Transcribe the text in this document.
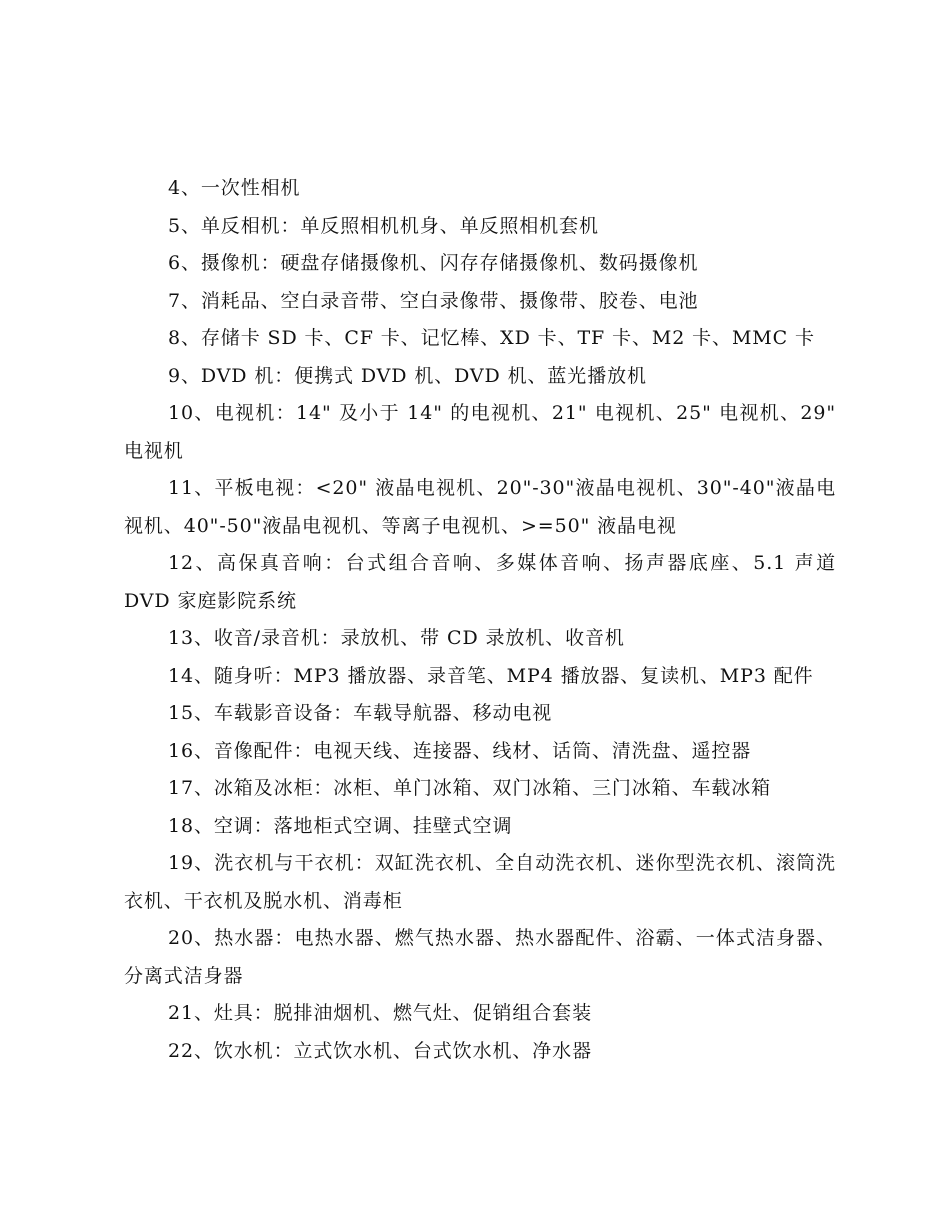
4、一次性相机

5、单反相机：单反照相机机身、单反照相机套机

6、摄像机：硬盘存储摄像机、闪存存储摄像机、数码摄像机

7、消耗品、空白录音带、空白录像带、摄像带、胶卷、电池

8、存储卡 SD 卡、CF 卡、记忆棒、XD 卡、TF 卡、M2 卡、MMC 卡

9、DVD 机：便携式 DVD 机、DVD 机、蓝光播放机

10、电视机：14" 及小于 14" 的电视机、21" 电视机、25" 电视机、29" 电视机

11、平板电视：<20" 液晶电视机、20"-30"液晶电视机、30"-40"液晶电视机、40"-50"液晶电视机、等离子电视机、>=50" 液晶电视

12、高保真音响：台式组合音响、多媒体音响、扬声器底座、5.1 声道 DVD 家庭影院系统

13、收音/录音机：录放机、带 CD 录放机、收音机

14、随身听：MP3 播放器、录音笔、MP4 播放器、复读机、MP3 配件

15、车载影音设备：车载导航器、移动电视

16、音像配件：电视天线、连接器、线材、话筒、清洗盘、遥控器

17、冰箱及冰柜：冰柜、单门冰箱、双门冰箱、三门冰箱、车载冰箱

18、空调：落地柜式空调、挂壁式空调

19、洗衣机与干衣机：双缸洗衣机、全自动洗衣机、迷你型洗衣机、滚筒洗衣机、干衣机及脱水机、消毒柜

20、热水器：电热水器、燃气热水器、热水器配件、浴霸、一体式洁身器、分离式洁身器

21、灶具：脱排油烟机、燃气灶、促销组合套装

22、饮水机：立式饮水机、台式饮水机、净水器
